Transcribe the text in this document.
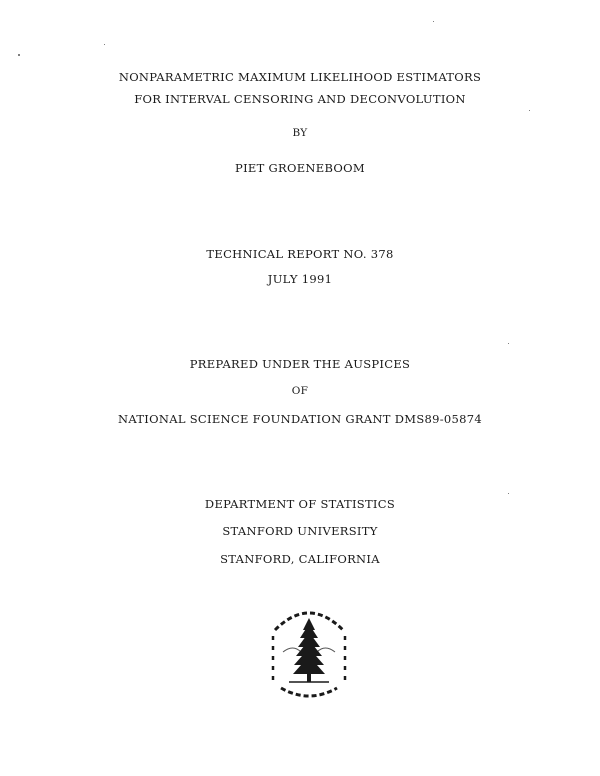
NONPARAMETRIC MAXIMUM LIKELIHOOD ESTIMATORS
FOR INTERVAL CENSORING AND DECONVOLUTION
BY
PIET GROENEBOOM
TECHNICAL REPORT NO. 378
JULY 1991
PREPARED UNDER THE AUSPICES
OF
NATIONAL SCIENCE FOUNDATION GRANT DMS89-05874
DEPARTMENT OF STATISTICS
STANFORD UNIVERSITY
STANFORD, CALIFORNIA
